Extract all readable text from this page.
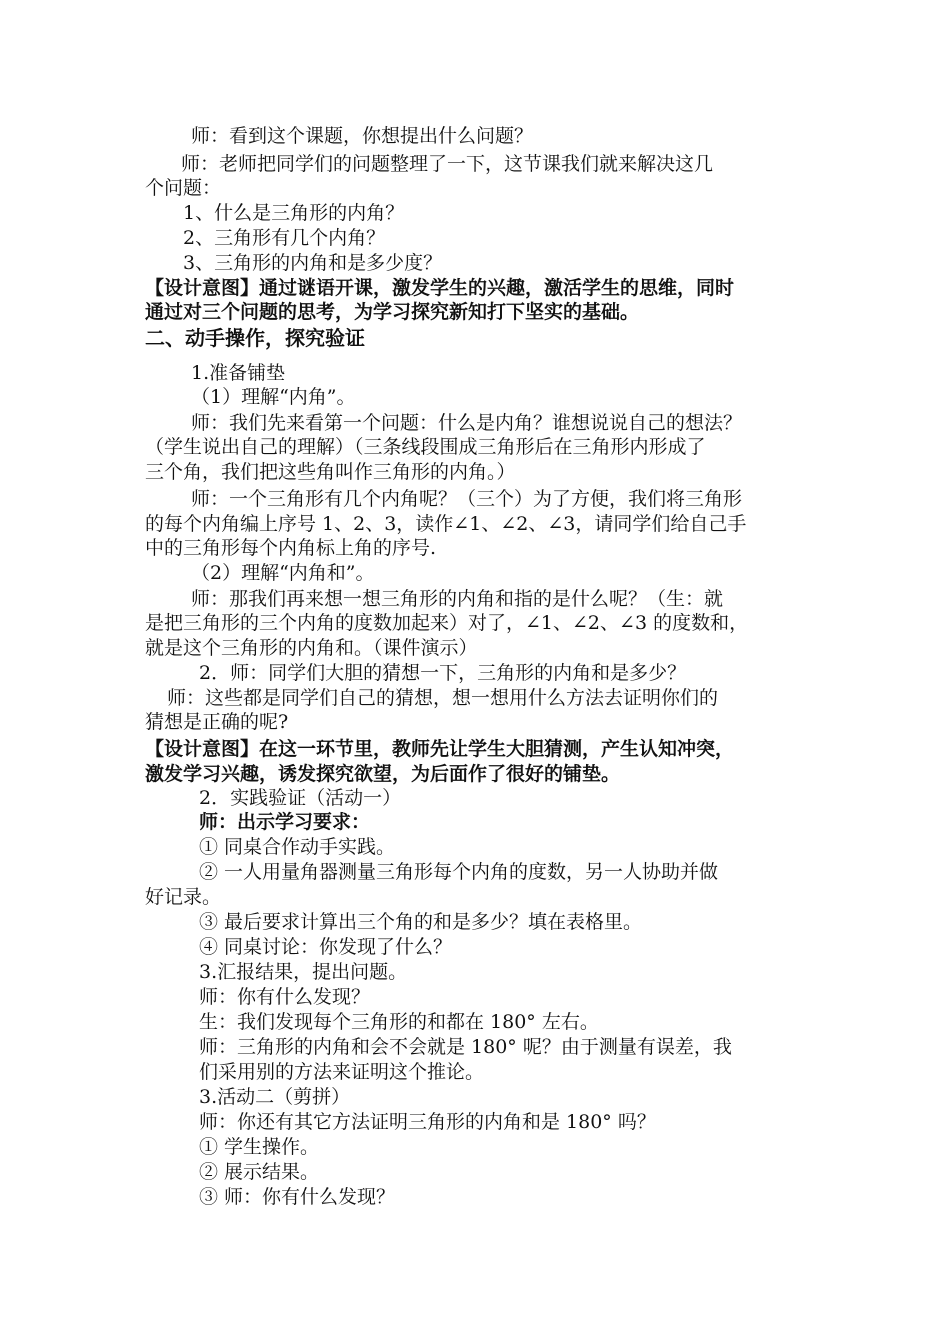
师：看到这个课题，你想提出什么问题？
师：老师把同学们的问题整理了一下，这节课我们就来解决这几
个问题：
1、什么是三角形的内角？
2、三角形有几个内角？
3、三角形的内角和是多少度？
【设计意图】通过谜语开课，激发学生的兴趣，激活学生的思维，同时
通过对三个问题的思考，为学习探究新知打下坚实的基础。
二、动手操作，探究验证
1.准备铺垫
（1）理解“内角”。
师：我们先来看第一个问题：什么是内角？谁想说说自己的想法？
（学生说出自己的理解）（三条线段围成三角形后在三角形内形成了
三个角，我们把这些角叫作三角形的内角。）
师：一个三角形有几个内角呢？（三个）为了方便，我们将三角形
的每个内角编上序号 1、2、3，读作∠1、∠2、∠3，请同学们给自己手
中的三角形每个内角标上角的序号.
（2）理解“内角和”。
师：那我们再来想一想三角形的内角和指的是什么呢？（生：就
是把三角形的三个内角的度数加起来）对了，∠1、∠2、∠3 的度数和，
就是这个三角形的内角和。（课件演示）
2．师：同学们大胆的猜想一下，三角形的内角和是多少？
师：这些都是同学们自己的猜想，想一想用什么方法去证明你们的
猜想是正确的呢?
【设计意图】在这一环节里，教师先让学生大胆猜测，产生认知冲突，
激发学习兴趣，诱发探究欲望，为后面作了很好的铺垫。
2．实践验证（活动一）
师：出示学习要求：
① 同桌合作动手实践。
② 一人用量角器测量三角形每个内角的度数，另一人协助并做
好记录。
③ 最后要求计算出三个角的和是多少？填在表格里。
④ 同桌讨论：你发现了什么？
3.汇报结果，提出问题。
师：你有什么发现？
生：我们发现每个三角形的和都在 180° 左右。
师：三角形的内角和会不会就是 180° 呢？由于测量有误差，我
们采用别的方法来证明这个推论。
3.活动二（剪拼）
师：你还有其它方法证明三角形的内角和是 180° 吗？
① 学生操作。
② 展示结果。
③ 师：你有什么发现？
